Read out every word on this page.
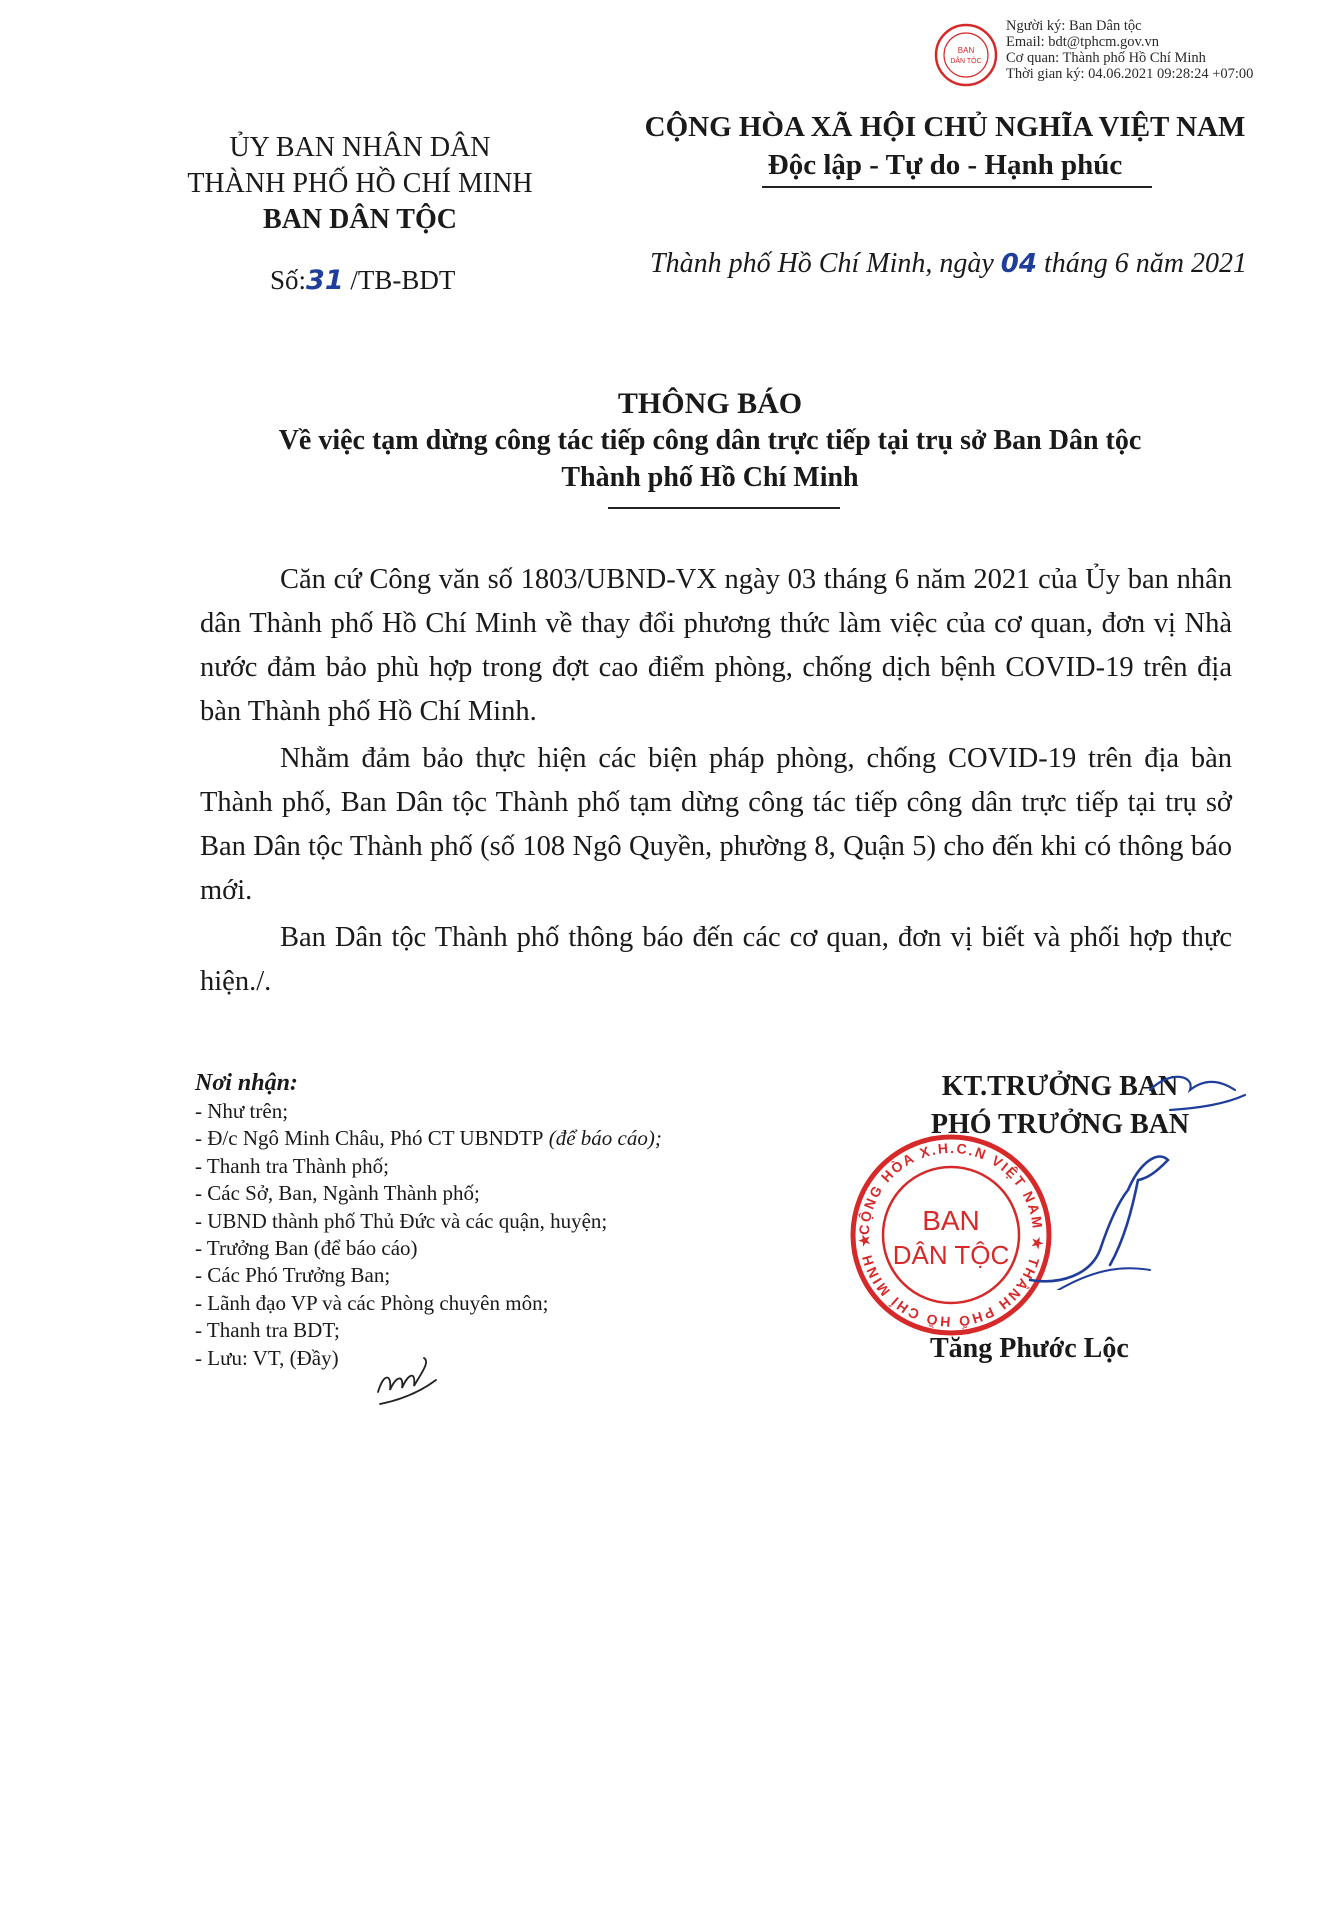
BAN
DÂN TỘC
Người ký: Ban Dân tộc
Email: bdt@tphcm.gov.vn
Cơ quan: Thành phố Hồ Chí Minh
Thời gian ký: 04.06.2021 09:28:24 +07:00
ỦY BAN NHÂN DÂN
THÀNH PHỐ HỒ CHÍ MINH
BAN DÂN TỘC
CỘNG HÒA XÃ HỘI CHỦ NGHĨA VIỆT NAM
Độc lập - Tự do - Hạnh phúc
Số:31 /TB-BDT
Thành phố Hồ Chí Minh, ngày 04 tháng 6 năm 2021
THÔNG BÁO
Về việc tạm dừng công tác tiếp công dân trực tiếp tại trụ sở Ban Dân tộc
Thành phố Hồ Chí Minh

Căn cứ Công văn số 1803/UBND-VX ngày 03 tháng 6 năm 2021 của Ủy ban nhân dân Thành phố Hồ Chí Minh về thay đổi phương thức làm việc của cơ quan, đơn vị Nhà nước đảm bảo phù hợp trong đợt cao điểm phòng, chống dịch bệnh COVID-19 trên địa bàn Thành phố Hồ Chí Minh.

Nhằm đảm bảo thực hiện các biện pháp phòng, chống COVID-19 trên địa bàn Thành phố, Ban Dân tộc Thành phố tạm dừng công tác tiếp công dân trực tiếp tại trụ sở Ban Dân tộc Thành phố (số 108 Ngô Quyền, phường 8, Quận 5) cho đến khi có thông báo mới.

Ban Dân tộc Thành phố thông báo đến các cơ quan, đơn vị biết và phối hợp thực hiện./.

Nơi nhận:
- Như trên;
- Đ/c Ngô Minh Châu, Phó CT UBNDTP (để báo cáo);
- Thanh tra Thành phố;
- Các Sở, Ban, Ngành Thành phố;
- UBND thành phố Thủ Đức và các quận, huyện;
- Trưởng Ban (để báo cáo)
- Các Phó Trưởng Ban;
- Lãnh đạo VP và các Phòng chuyên môn;
- Thanh tra BDT;
- Lưu: VT, (Đầy)
KT.TRƯỞNG BAN
PHÓ TRƯỞNG BAN
CỘNG HÒA X.H.C.N VIỆT NAM ★ THÀNH PHỐ HỒ CHÍ MINH ★
BAN
DÂN TỘC
Tăng Phước Lộc
